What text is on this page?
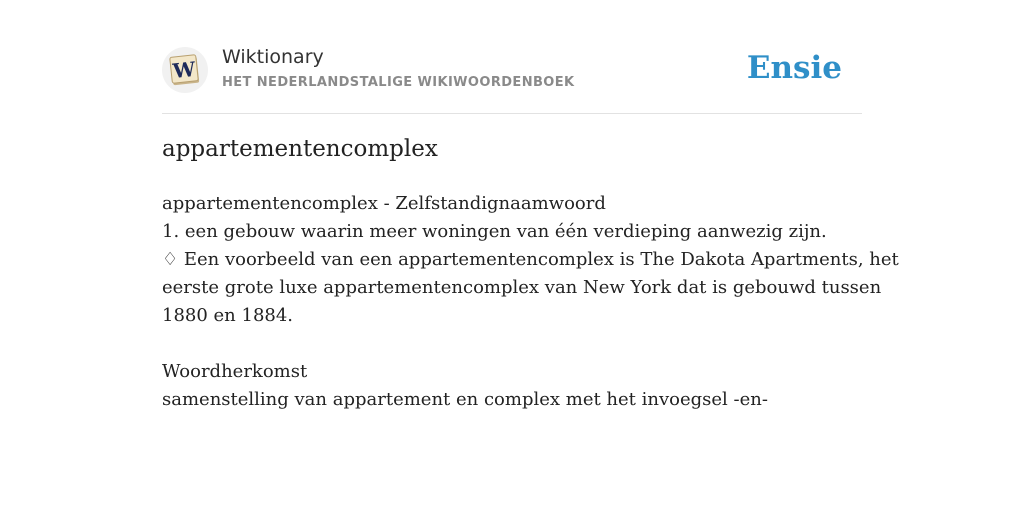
W Wiktionary
HET NEDERLANDSTALIGE WIKIWOORDENBOEK	Ensie
appartementencomplex
appartementencomplex - Zelfstandignaamwoord
1. een gebouw waarin meer woningen van één verdieping aanwezig zijn.
♢ Een voorbeeld van een appartementencomplex is The Dakota Apartments, het
eerste grote luxe appartementencomplex van New York dat is gebouwd tussen
1880 en 1884.
Woordherkomst
samenstelling van appartement en complex met het invoegsel -en-
